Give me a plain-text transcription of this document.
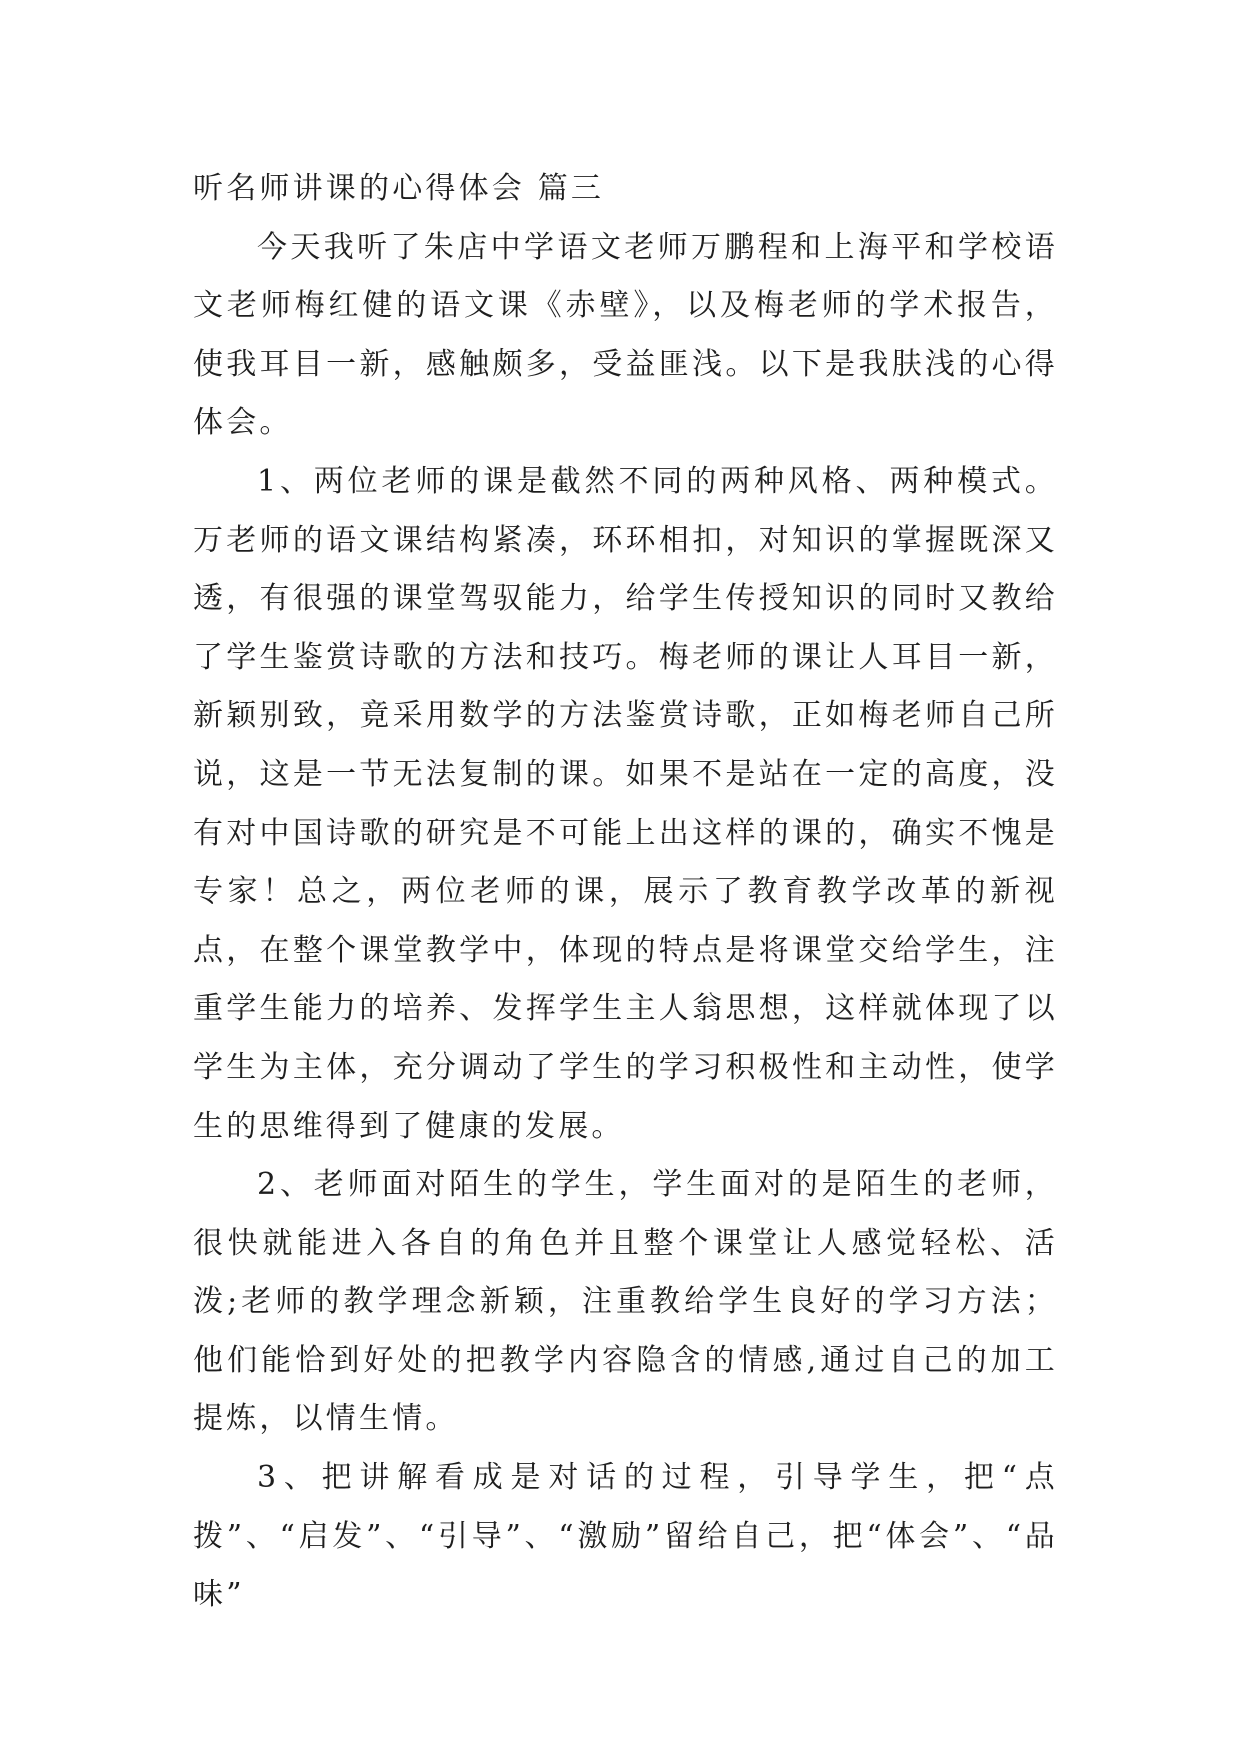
听名师讲课的心得体会 篇三

今天我听了朱店中学语文老师万鹏程和上海平和学校语文老师梅红健的语文课《赤壁》，以及梅老师的学术报告，使我耳目一新，感触颇多，受益匪浅。以下是我肤浅的心得体会。

1、两位老师的课是截然不同的两种风格、两种模式。万老师的语文课结构紧凑，环环相扣，对知识的掌握既深又透，有很强的课堂驾驭能力，给学生传授知识的同时又教给了学生鉴赏诗歌的方法和技巧。梅老师的课让人耳目一新，新颖别致，竟采用数学的方法鉴赏诗歌，正如梅老师自己所说，这是一节无法复制的课。如果不是站在一定的高度，没有对中国诗歌的研究是不可能上出这样的课的，确实不愧是专家！总之，两位老师的课，展示了教育教学改革的新视点，在整个课堂教学中，体现的特点是将课堂交给学生，注重学生能力的培养、发挥学生主人翁思想，这样就体现了以学生为主体，充分调动了学生的学习积极性和主动性，使学生的思维得到了健康的发展。

2、老师面对陌生的学生，学生面对的是陌生的老师，很快就能进入各自的角色并且整个课堂让人感觉轻松、活泼;老师的教学理念新颖，注重教给学生良好的学习方法；他们能恰到好处的把教学内容隐含的情感,通过自己的加工提炼，以情生情。

3、把讲解看成是对话的过程，引导学生，把“点拨”、“启发”、“引导”、“激励”留给自己，把“体会”、“品味”
